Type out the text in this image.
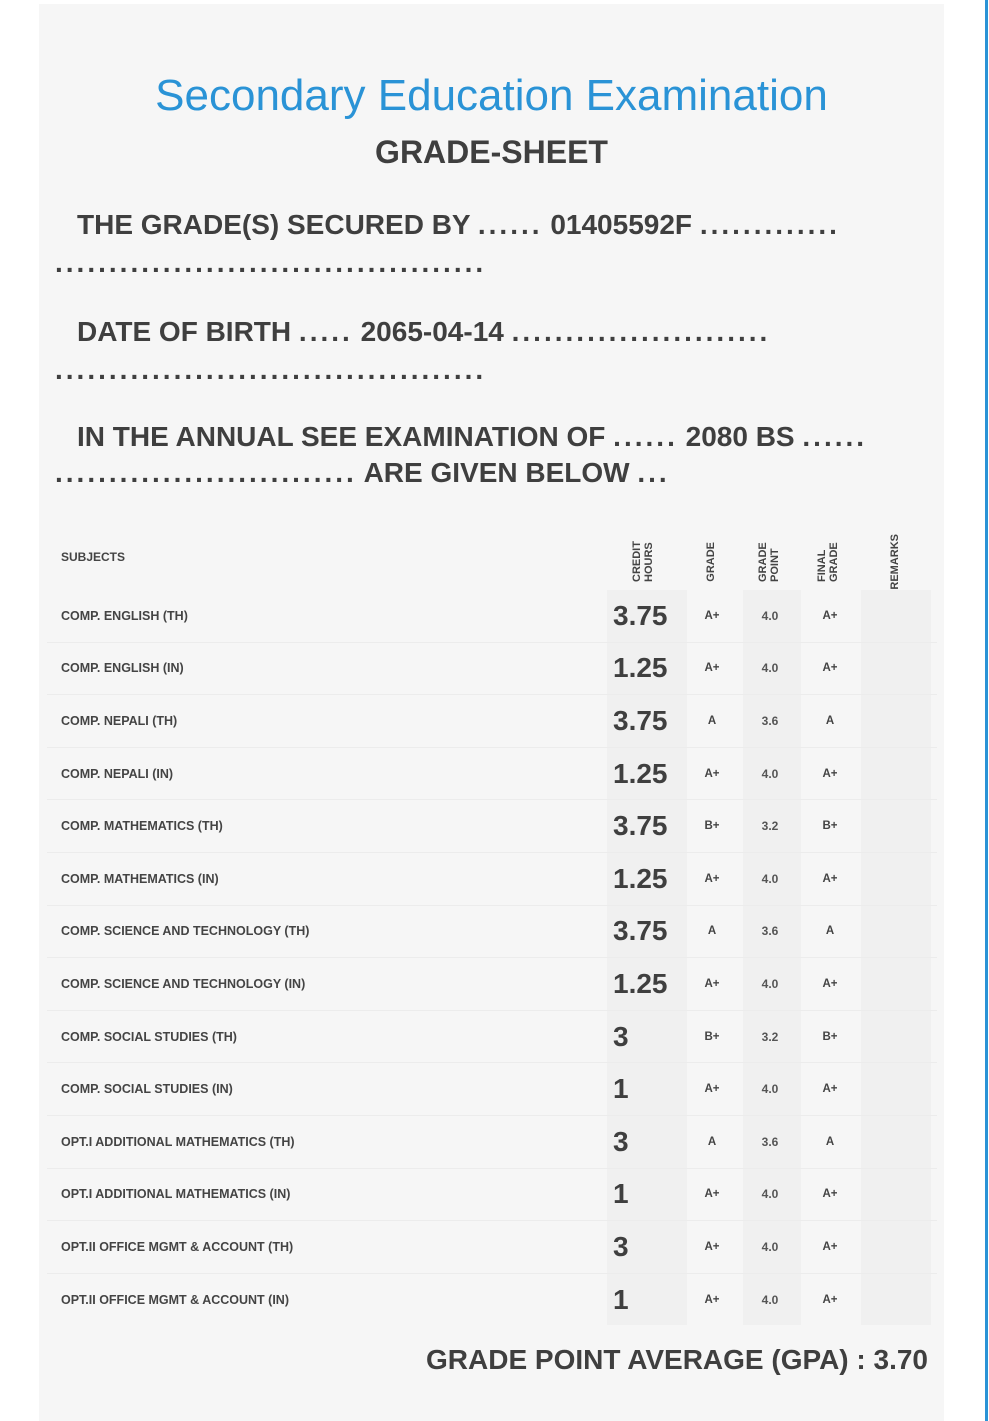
Secondary Education Examination
GRADE-SHEET
THE GRADE(S) SECURED BY ...... 01405592F .............
........................................
DATE OF BIRTH ..... 2065-04-14 ........................
........................................
IN THE ANNUAL SEE EXAMINATION OF ...... 2080 BS ......
............................ ARE GIVEN BELOW ...
SUBJECTS	CREDIT HOURS	GRADE	GRADE POINT	FINAL GRADE	REMARKS
COMP. ENGLISH (TH)	3.75	A+	4.0	A+
COMP. ENGLISH (IN)	1.25	A+	4.0	A+
COMP. NEPALI (TH)	3.75	A	3.6	A
COMP. NEPALI (IN)	1.25	A+	4.0	A+
COMP. MATHEMATICS (TH)	3.75	B+	3.2	B+
COMP. MATHEMATICS (IN)	1.25	A+	4.0	A+
COMP. SCIENCE AND TECHNOLOGY (TH)	3.75	A	3.6	A
COMP. SCIENCE AND TECHNOLOGY (IN)	1.25	A+	4.0	A+
COMP. SOCIAL STUDIES (TH)	3	B+	3.2	B+
COMP. SOCIAL STUDIES (IN)	1	A+	4.0	A+
OPT.I ADDITIONAL MATHEMATICS (TH)	3	A	3.6	A
OPT.I ADDITIONAL MATHEMATICS (IN)	1	A+	4.0	A+
OPT.II OFFICE MGMT & ACCOUNT (TH)	3	A+	4.0	A+
OPT.II OFFICE MGMT & ACCOUNT (IN)	1	A+	4.0	A+
GRADE POINT AVERAGE (GPA) : 3.70
